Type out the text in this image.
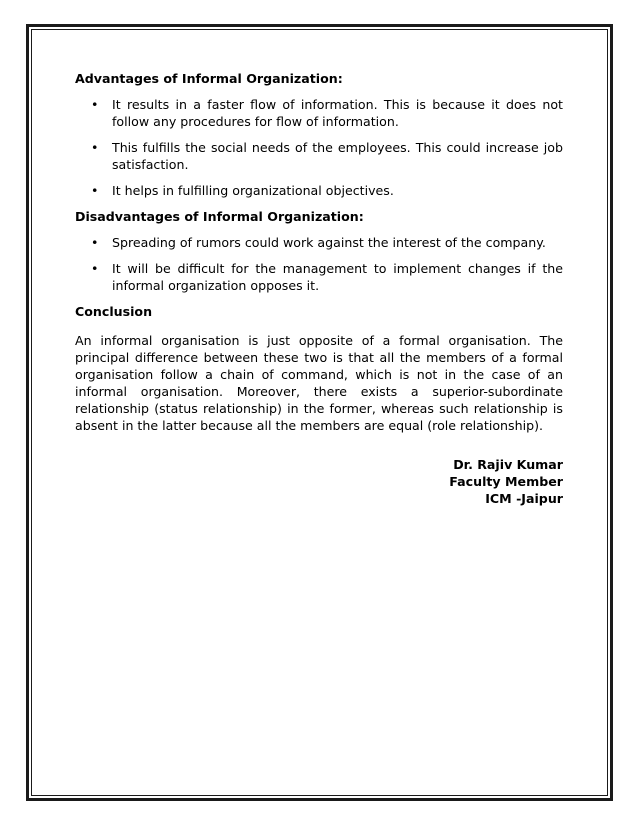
Advantages of Informal Organization:
• It results in a faster flow of information. This is because it does not follow any procedures for flow of information.
• This fulfills the social needs of the employees. This could increase job satisfaction.
• It helps in fulfilling organizational objectives.
Disadvantages of Informal Organization:
• Spreading of rumors could work against the interest of the company.
• It will be difficult for the management to implement changes if the informal organization opposes it.
Conclusion

An informal organisation is just opposite of a formal organisation. The principal difference between these two is that all the members of a formal organisation follow a chain of command, which is not in the case of an informal organisation. Moreover, there exists a superior-subordinate relationship (status relationship) in the former, whereas such relationship is absent in the latter because all the members are equal (role relationship).

Dr. Rajiv Kumar
Faculty Member
ICM -Jaipur
